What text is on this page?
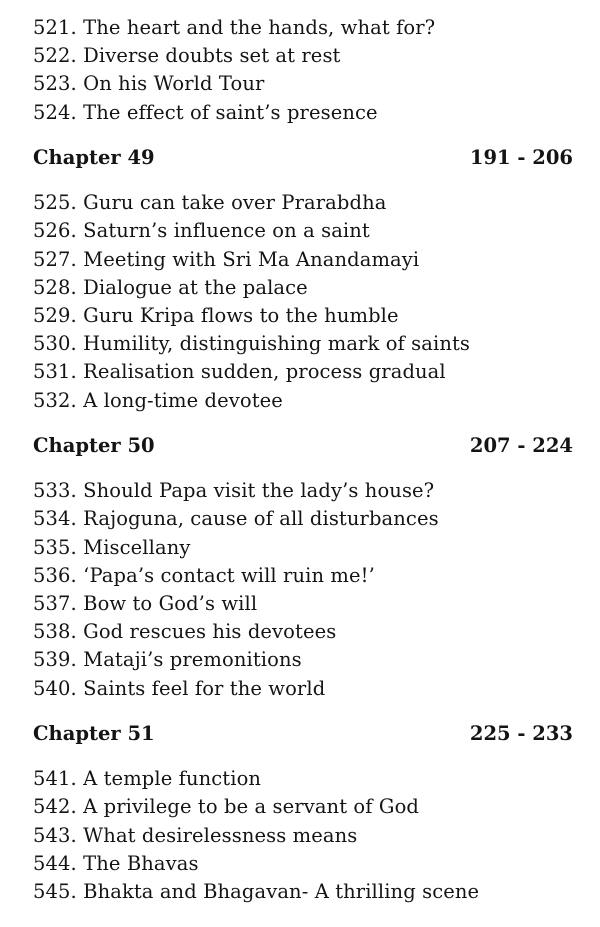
521. The heart and the hands, what for?
522. Diverse doubts set at rest
523. On his World Tour
524. The effect of saint’s presence
Chapter 49	191 - 206
525. Guru can take over Prarabdha
526. Saturn’s influence on a saint
527. Meeting with Sri Ma Anandamayi
528. Dialogue at the palace
529. Guru Kripa flows to the humble
530. Humility, distinguishing mark of saints
531. Realisation sudden, process gradual
532. A long-time devotee
Chapter 50	207 - 224
533. Should Papa visit the lady’s house?
534. Rajoguna, cause of all disturbances
535. Miscellany
536. ‘Papa’s contact will ruin me!’
537. Bow to God’s will
538. God rescues his devotees
539. Mataji’s premonitions
540. Saints feel for the world
Chapter 51	225 - 233
541. A temple function
542. A privilege to be a servant of God
543. What desirelessness means
544. The Bhavas
545. Bhakta and Bhagavan- A thrilling scene
